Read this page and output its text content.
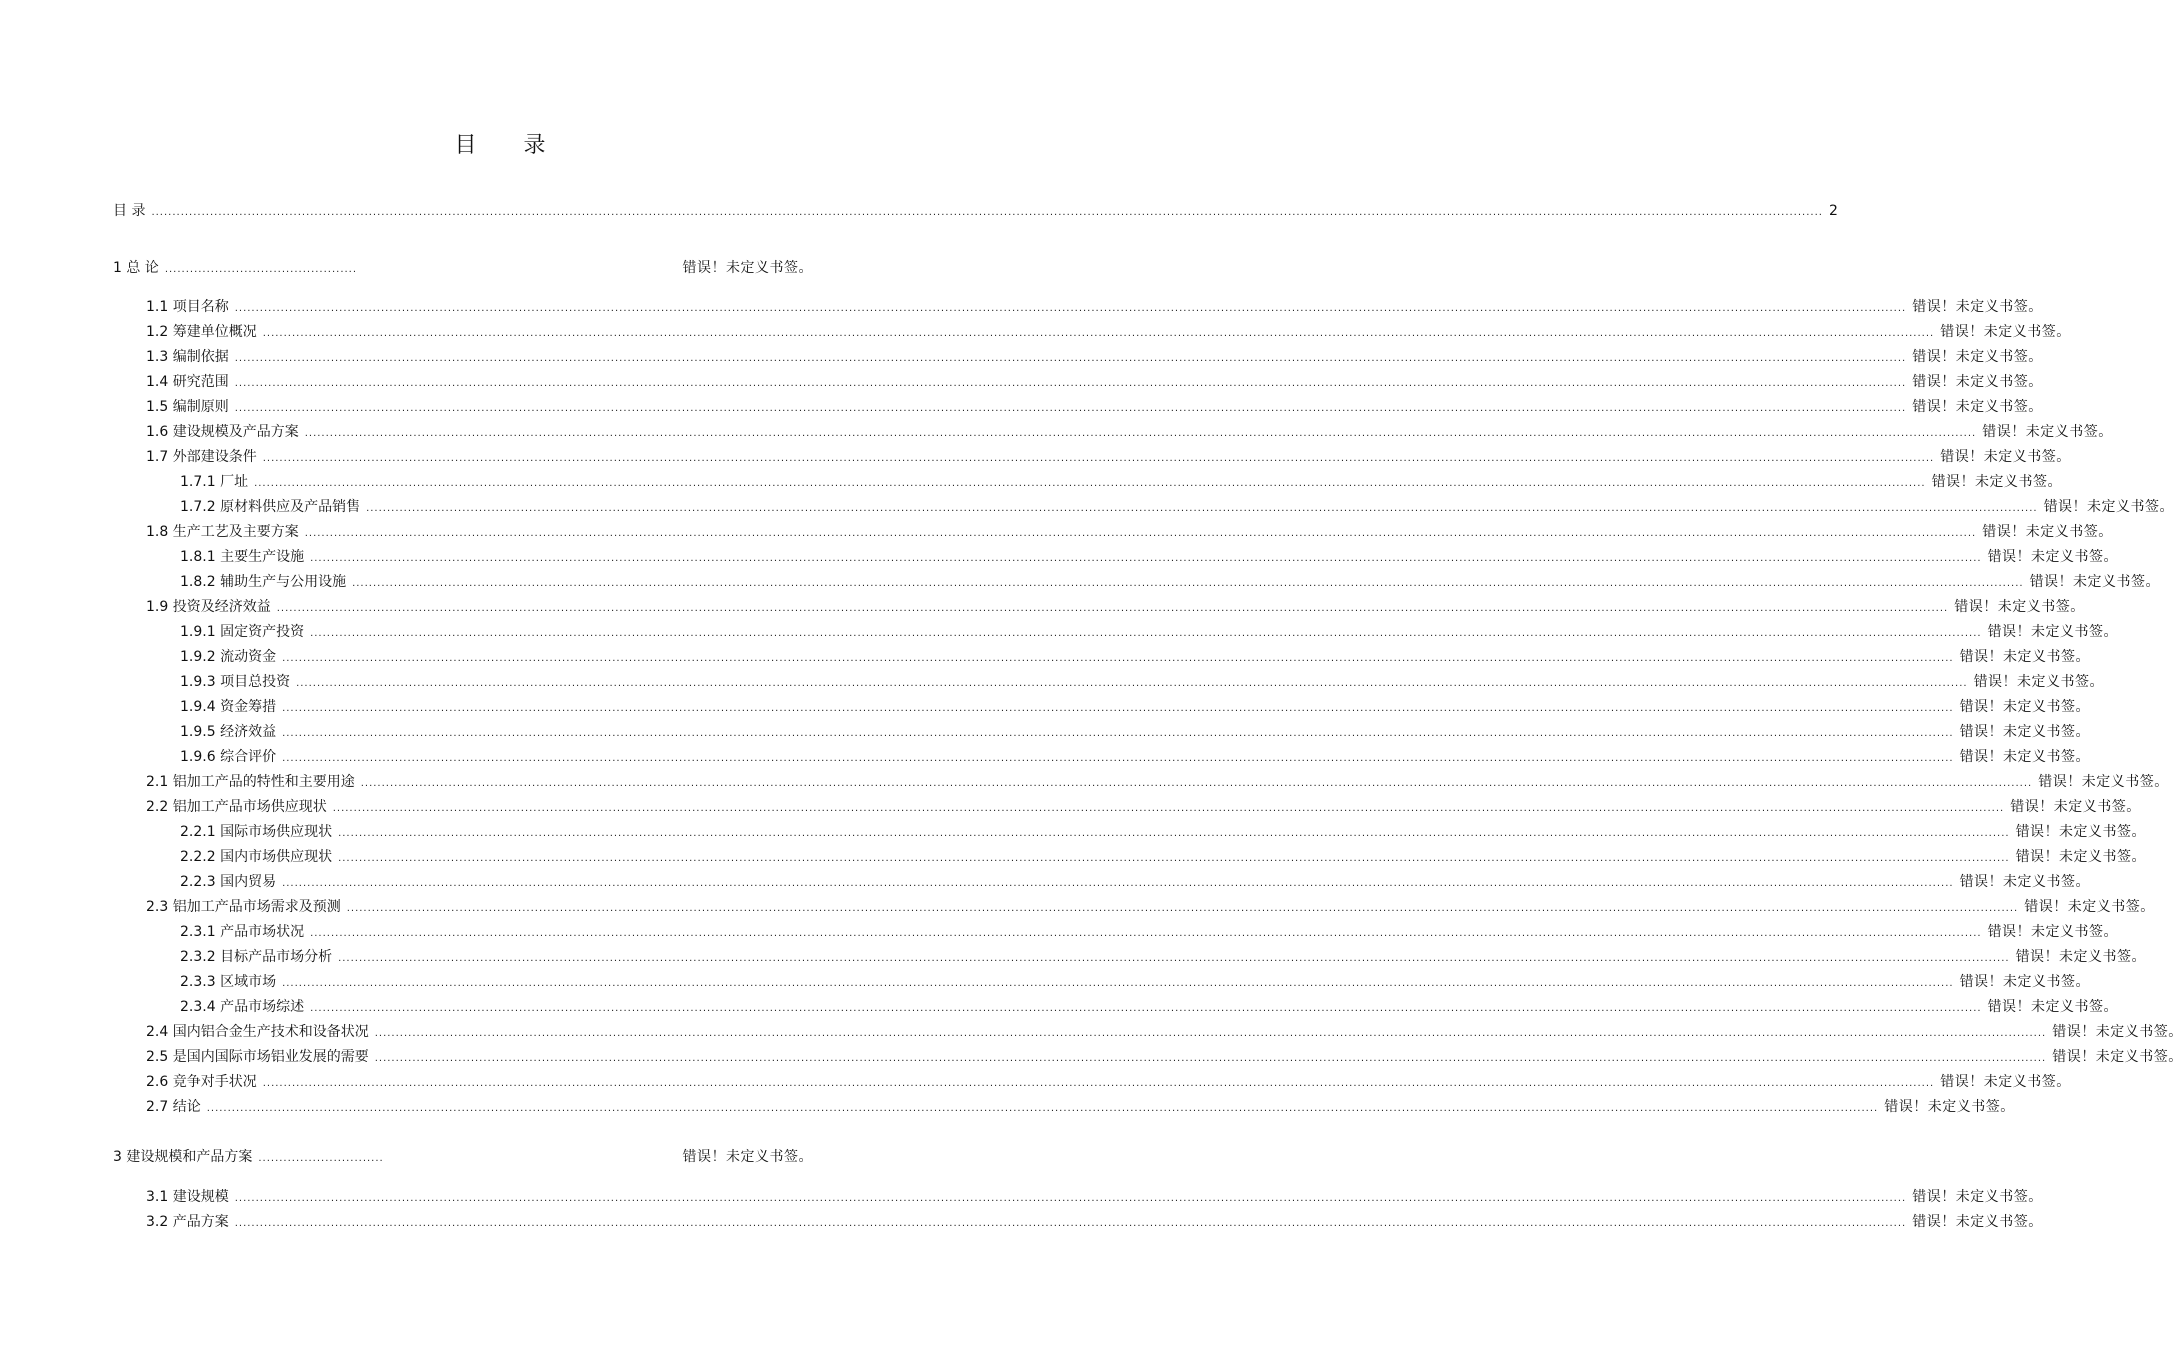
目 录
目 录 ................................................................................................................................................................................................................................................................................................................................................................................................................ 2
1 总 论 ..............................................	错误！未定义书签。
1.1 项目名称 ................................................................................................................................................................................................................................................................................................................................................................................................................ 错误！未定义书签。
1.2 筹建单位概况 ................................................................................................................................................................................................................................................................................................................................................................................................................ 错误！未定义书签。
1.3 编制依据 ................................................................................................................................................................................................................................................................................................................................................................................................................ 错误！未定义书签。
1.4 研究范围 ................................................................................................................................................................................................................................................................................................................................................................................................................ 错误！未定义书签。
1.5 编制原则 ................................................................................................................................................................................................................................................................................................................................................................................................................ 错误！未定义书签。
1.6 建设规模及产品方案 ................................................................................................................................................................................................................................................................................................................................................................................................................ 错误！未定义书签。
1.7 外部建设条件 ................................................................................................................................................................................................................................................................................................................................................................................................................ 错误！未定义书签。
1.7.1 厂址 ................................................................................................................................................................................................................................................................................................................................................................................................................ 错误！未定义书签。
1.7.2 原材料供应及产品销售 ................................................................................................................................................................................................................................................................................................................................................................................................................ 错误！未定义书签。
1.8 生产工艺及主要方案 ................................................................................................................................................................................................................................................................................................................................................................................................................ 错误！未定义书签。
1.8.1 主要生产设施 ................................................................................................................................................................................................................................................................................................................................................................................................................ 错误！未定义书签。
1.8.2 辅助生产与公用设施 ................................................................................................................................................................................................................................................................................................................................................................................................................ 错误！未定义书签。
1.9 投资及经济效益 ................................................................................................................................................................................................................................................................................................................................................................................................................ 错误！未定义书签。
1.9.1 固定资产投资 ................................................................................................................................................................................................................................................................................................................................................................................................................ 错误！未定义书签。
1.9.2 流动资金 ................................................................................................................................................................................................................................................................................................................................................................................................................ 错误！未定义书签。
1.9.3 项目总投资 ................................................................................................................................................................................................................................................................................................................................................................................................................ 错误！未定义书签。
1.9.4 资金筹措 ................................................................................................................................................................................................................................................................................................................................................................................................................ 错误！未定义书签。
1.9.5 经济效益 ................................................................................................................................................................................................................................................................................................................................................................................................................ 错误！未定义书签。
1.9.6 综合评价 ................................................................................................................................................................................................................................................................................................................................................................................................................ 错误！未定义书签。
2.1 铝加工产品的特性和主要用途 ................................................................................................................................................................................................................................................................................................................................................................................................................ 错误！未定义书签。
2.2 铝加工产品市场供应现状 ................................................................................................................................................................................................................................................................................................................................................................................................................ 错误！未定义书签。
2.2.1 国际市场供应现状 ................................................................................................................................................................................................................................................................................................................................................................................................................ 错误！未定义书签。
2.2.2 国内市场供应现状 ................................................................................................................................................................................................................................................................................................................................................................................................................ 错误！未定义书签。
2.2.3 国内贸易 ................................................................................................................................................................................................................................................................................................................................................................................................................ 错误！未定义书签。
2.3 铝加工产品市场需求及预测 ................................................................................................................................................................................................................................................................................................................................................................................................................ 错误！未定义书签。
2.3.1 产品市场状况 ................................................................................................................................................................................................................................................................................................................................................................................................................ 错误！未定义书签。
2.3.2 目标产品市场分析 ................................................................................................................................................................................................................................................................................................................................................................................................................ 错误！未定义书签。
2.3.3 区域市场 ................................................................................................................................................................................................................................................................................................................................................................................................................ 错误！未定义书签。
2.3.4 产品市场综述 ................................................................................................................................................................................................................................................................................................................................................................................................................ 错误！未定义书签。
2.4 国内铝合金生产技术和设备状况 ................................................................................................................................................................................................................................................................................................................................................................................................................ 错误！未定义书签。
2.5 是国内国际市场铝业发展的需要 ................................................................................................................................................................................................................................................................................................................................................................................................................ 错误！未定义书签。
2.6 竞争对手状况 ................................................................................................................................................................................................................................................................................................................................................................................................................ 错误！未定义书签。
2.7 结论 ................................................................................................................................................................................................................................................................................................................................................................................................................ 错误！未定义书签。
3 建设规模和产品方案 ..............................	错误！未定义书签。
3.1 建设规模 ................................................................................................................................................................................................................................................................................................................................................................................................................ 错误！未定义书签。
3.2 产品方案 ................................................................................................................................................................................................................................................................................................................................................................................................................ 错误！未定义书签。
